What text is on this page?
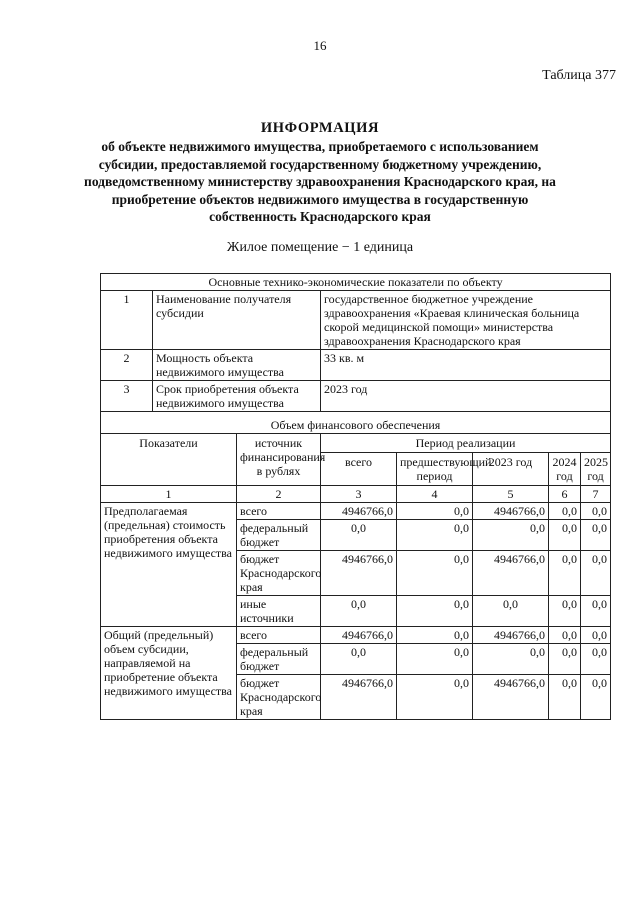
16
Таблица 377
ИНФОРМАЦИЯ
об объекте недвижимого имущества, приобретаемого с использованием субсидии, предоставляемой государственному бюджетному учреждению, подведомственному министерству здравоохранения Краснодарского края, на приобретение объектов недвижимого имущества в государственную собственность Краснодарского края
Жилое помещение − 1 единица
Основные технико-экономические показатели по объекту							
1	Наименование получателя субсидии		государственное бюджетное учреждение здравоохранения «Краевая клиническая больница скорой медицинской помощи» министерства здравоохранения Краснодарского края				
2	Мощность объекта недвижимого имущества		33 кв. м				
3	Срок приобретения объекта недвижимого имущества		2023 год				
Объем финансового обеспечения							
Показатели		источник финансирования в рублях	Период реализации				
			всего	предшествующий период	2023 год	2024 год	2025 год
1		2	3	4	5	6	7
Предполагаемая (предельная) стоимость приобретения объекта недвижимого имущества		всего	4946766,0	0,0	4946766,0	0,0	0,0
		федеральный бюджет	0,0	0,0	0,0	0,0	0,0
		бюджет Краснодарского края	4946766,0	0,0	4946766,0	0,0	0,0
		иные источники	0,0	0,0	0,0	0,0	0,0
Общий (предельный) объем субсидии, направляемой на приобретение объекта недвижимого имущества		всего	4946766,0	0,0	4946766,0	0,0	0,0
		федеральный бюджет	0,0	0,0	0,0	0,0	0,0
		бюджет Краснодарского края	4946766,0	0,0	4946766,0	0,0	0,0
